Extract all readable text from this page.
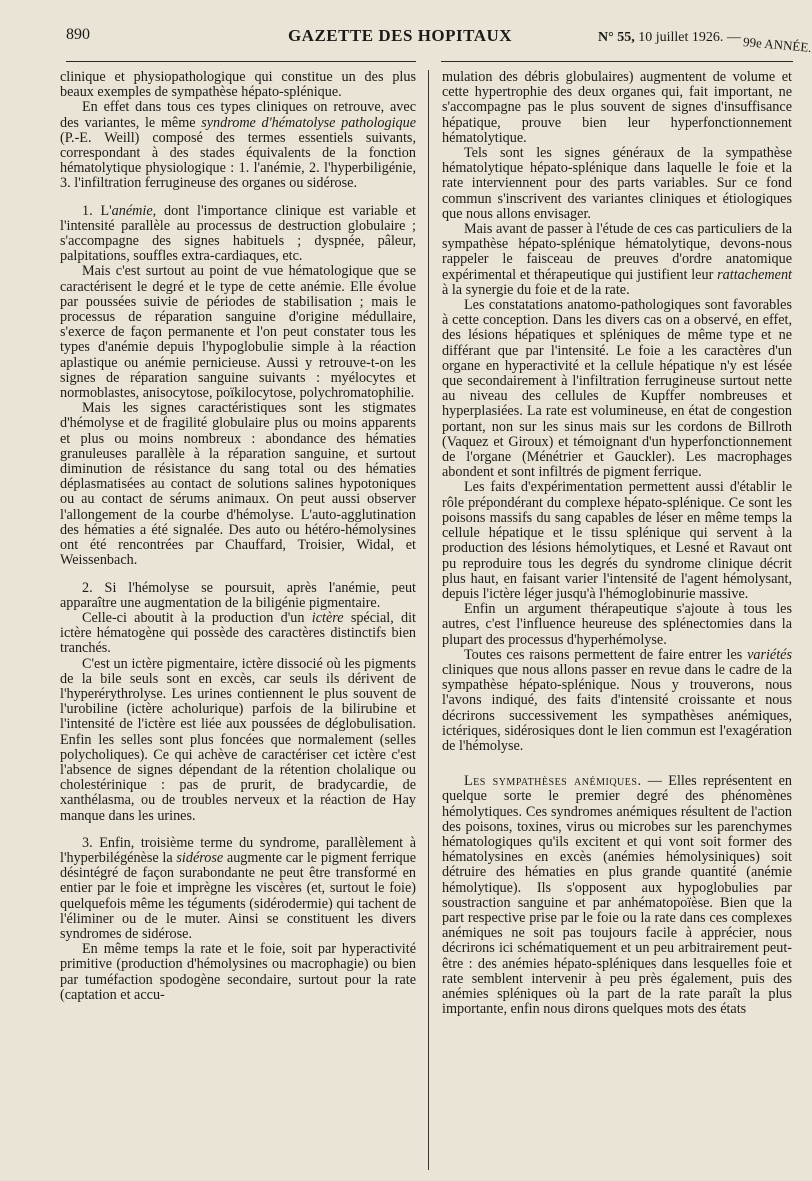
890	GAZETTE DES HOPITAUX	N° 55, 10 juillet 1926. — 99e ANNÉE.

clinique et physiopathologique qui constitue un des plus beaux exemples de sympathèse hépato-splénique.

En effet dans tous ces types cliniques on retrouve, avec des variantes, le même syndrome d'hématolyse pathologique (P.-E. Weill) composé des termes essentiels suivants, correspondant à des stades équivalents de la fonction hématolytique physiologique : 1. l'anémie, 2. l'hyperbiligénie, 3. l'infiltration ferrugineuse des organes ou sidérose.

1. L'anémie, dont l'importance clinique est variable et l'intensité parallèle au processus de destruction globulaire ; s'accompagne des signes habituels ; dyspnée, pâleur, palpitations, souffles extra-cardiaques, etc.

Mais c'est surtout au point de vue hématologique que se caractérisent le degré et le type de cette anémie. Elle évolue par poussées suivie de périodes de stabilisation ; mais le processus de réparation sanguine d'origine médullaire, s'exerce de façon permanente et l'on peut constater tous les types d'anémie depuis l'hypoglobulie simple à la réaction aplastique ou anémie pernicieuse. Aussi y retrouve-t-on les signes de réparation sanguine suivants : myélocytes et normoblastes, anisocytose, poïkilocytose, polychromatophilie.

Mais les signes caractéristiques sont les stigmates d'hémolyse et de fragilité globulaire plus ou moins apparents et plus ou moins nombreux : abondance des hématies granuleuses parallèle à la réparation sanguine, et surtout diminution de résistance du sang total ou des hématies déplasmatisées au contact de solutions salines hypotoniques ou au contact de sérums animaux. On peut aussi observer l'allongement de la courbe d'hémolyse. L'auto-agglutination des hématies a été signalée. Des auto ou hétéro-hémolysines ont été rencontrées par Chauffard, Troisier, Widal, et Weissenbach.

2. Si l'hémolyse se poursuit, après l'anémie, peut apparaître une augmentation de la biligénie pigmentaire.

Celle-ci aboutit à la production d'un ictère spécial, dit ictère hématogène qui possède des caractères distinctifs bien tranchés.

C'est un ictère pigmentaire, ictère dissocié où les pigments de la bile seuls sont en excès, car seuls ils dérivent de l'hyperérythrolyse. Les urines contiennent le plus souvent de l'urobiline (ictère acholurique) parfois de la bilirubine et l'intensité de l'ictère est liée aux poussées de déglobulisation. Enfin les selles sont plus foncées que normalement (selles polycholiques). Ce qui achève de caractériser cet ictère c'est l'absence de signes dépendant de la rétention cholalique ou cholestérinique : pas de prurit, de bradycardie, de xanthélasma, ou de troubles nerveux et la réaction de Hay manque dans les urines.

3. Enfin, troisième terme du syndrome, parallèlement à l'hyperbilégénèse la sidérose augmente car le pigment ferrique désintégré de façon surabondante ne peut être transformé en entier par le foie et imprègne les viscères (et, surtout le foie) quelquefois même les téguments (sidérodermie) qui tachent de l'éliminer ou de le muter. Ainsi se constituent les divers syndromes de sidérose.

En même temps la rate et le foie, soit par hyperactivité primitive (production d'hémolysines ou macrophagie) ou bien par tuméfaction spodogène secondaire, surtout pour la rate (captation et accu-

mulation des débris globulaires) augmentent de volume et cette hypertrophie des deux organes qui, fait important, ne s'accompagne pas le plus souvent de signes d'insuffisance hépatique, prouve bien leur hyperfonctionnement hématolytique.

Tels sont les signes généraux de la sympathèse hématolytique hépato-splénique dans laquelle le foie et la rate interviennent pour des parts variables. Sur ce fond commun s'inscrivent des variantes cliniques et étiologiques que nous allons envisager.

Mais avant de passer à l'étude de ces cas particuliers de la sympathèse hépato-splénique hématolytique, devons-nous rappeler le faisceau de preuves d'ordre anatomique expérimental et thérapeutique qui justifient leur rattachement à la synergie du foie et de la rate.

Les constatations anatomo-pathologiques sont favorables à cette conception. Dans les divers cas on a observé, en effet, des lésions hépatiques et spléniques de même type et ne différant que par l'intensité. Le foie a les caractères d'un organe en hyperactivité et la cellule hépatique n'y est lésée que secondairement à l'infiltration ferrugineuse surtout nette au niveau des cellules de Kupffer nombreuses et hyperplasiées. La rate est volumineuse, en état de congestion portant, non sur les sinus mais sur les cordons de Billroth (Vaquez et Giroux) et témoignant d'un hyperfonctionnement de l'organe (Ménétrier et Gauckler). Les macrophages abondent et sont infiltrés de pigment ferrique.

Les faits d'expérimentation permettent aussi d'établir le rôle prépondérant du complexe hépato-splénique. Ce sont les poisons massifs du sang capables de léser en même temps la cellule hépatique et le tissu splénique qui servent à la production des lésions hémolytiques, et Lesné et Ravaut ont pu reproduire tous les degrés du syndrome clinique décrit plus haut, en faisant varier l'intensité de l'agent hémolysant, depuis l'ictère léger jusqu'à l'hémoglobinurie massive.

Enfin un argument thérapeutique s'ajoute à tous les autres, c'est l'influence heureuse des splénectomies dans la plupart des processus d'hyperhémolyse.

Toutes ces raisons permettent de faire entrer les variétés cliniques que nous allons passer en revue dans le cadre de la sympathèse hépato-splénique. Nous y trouverons, nous l'avons indiqué, des faits d'intensité croissante et nous décrirons successivement les sympathèses anémiques, ictériques, sidérosiques dont le lien commun est l'exagération de l'hémolyse.

Les sympathèses anémiques. — Elles représentent en quelque sorte le premier degré des phénomènes hémolytiques. Ces syndromes anémiques résultent de l'action des poisons, toxines, virus ou microbes sur les parenchymes hématologiques qu'ils excitent et qui vont soit former des hématolysines en excès (anémies hémolysiniques) soit détruire des hématies en plus grande quantité (anémie hémolytique). Ils s'opposent aux hypoglobulies par soustraction sanguine et par anhématopoïèse. Bien que la part respective prise par le foie ou la rate dans ces complexes anémiques ne soit pas toujours facile à apprécier, nous décrirons ici schématiquement et un peu arbitrairement peut-être : des anémies hépato-spléniques dans lesquelles foie et rate semblent intervenir à peu près également, puis des anémies spléniques où la part de la rate paraît la plus importante, enfin nous dirons quelques mots des états
